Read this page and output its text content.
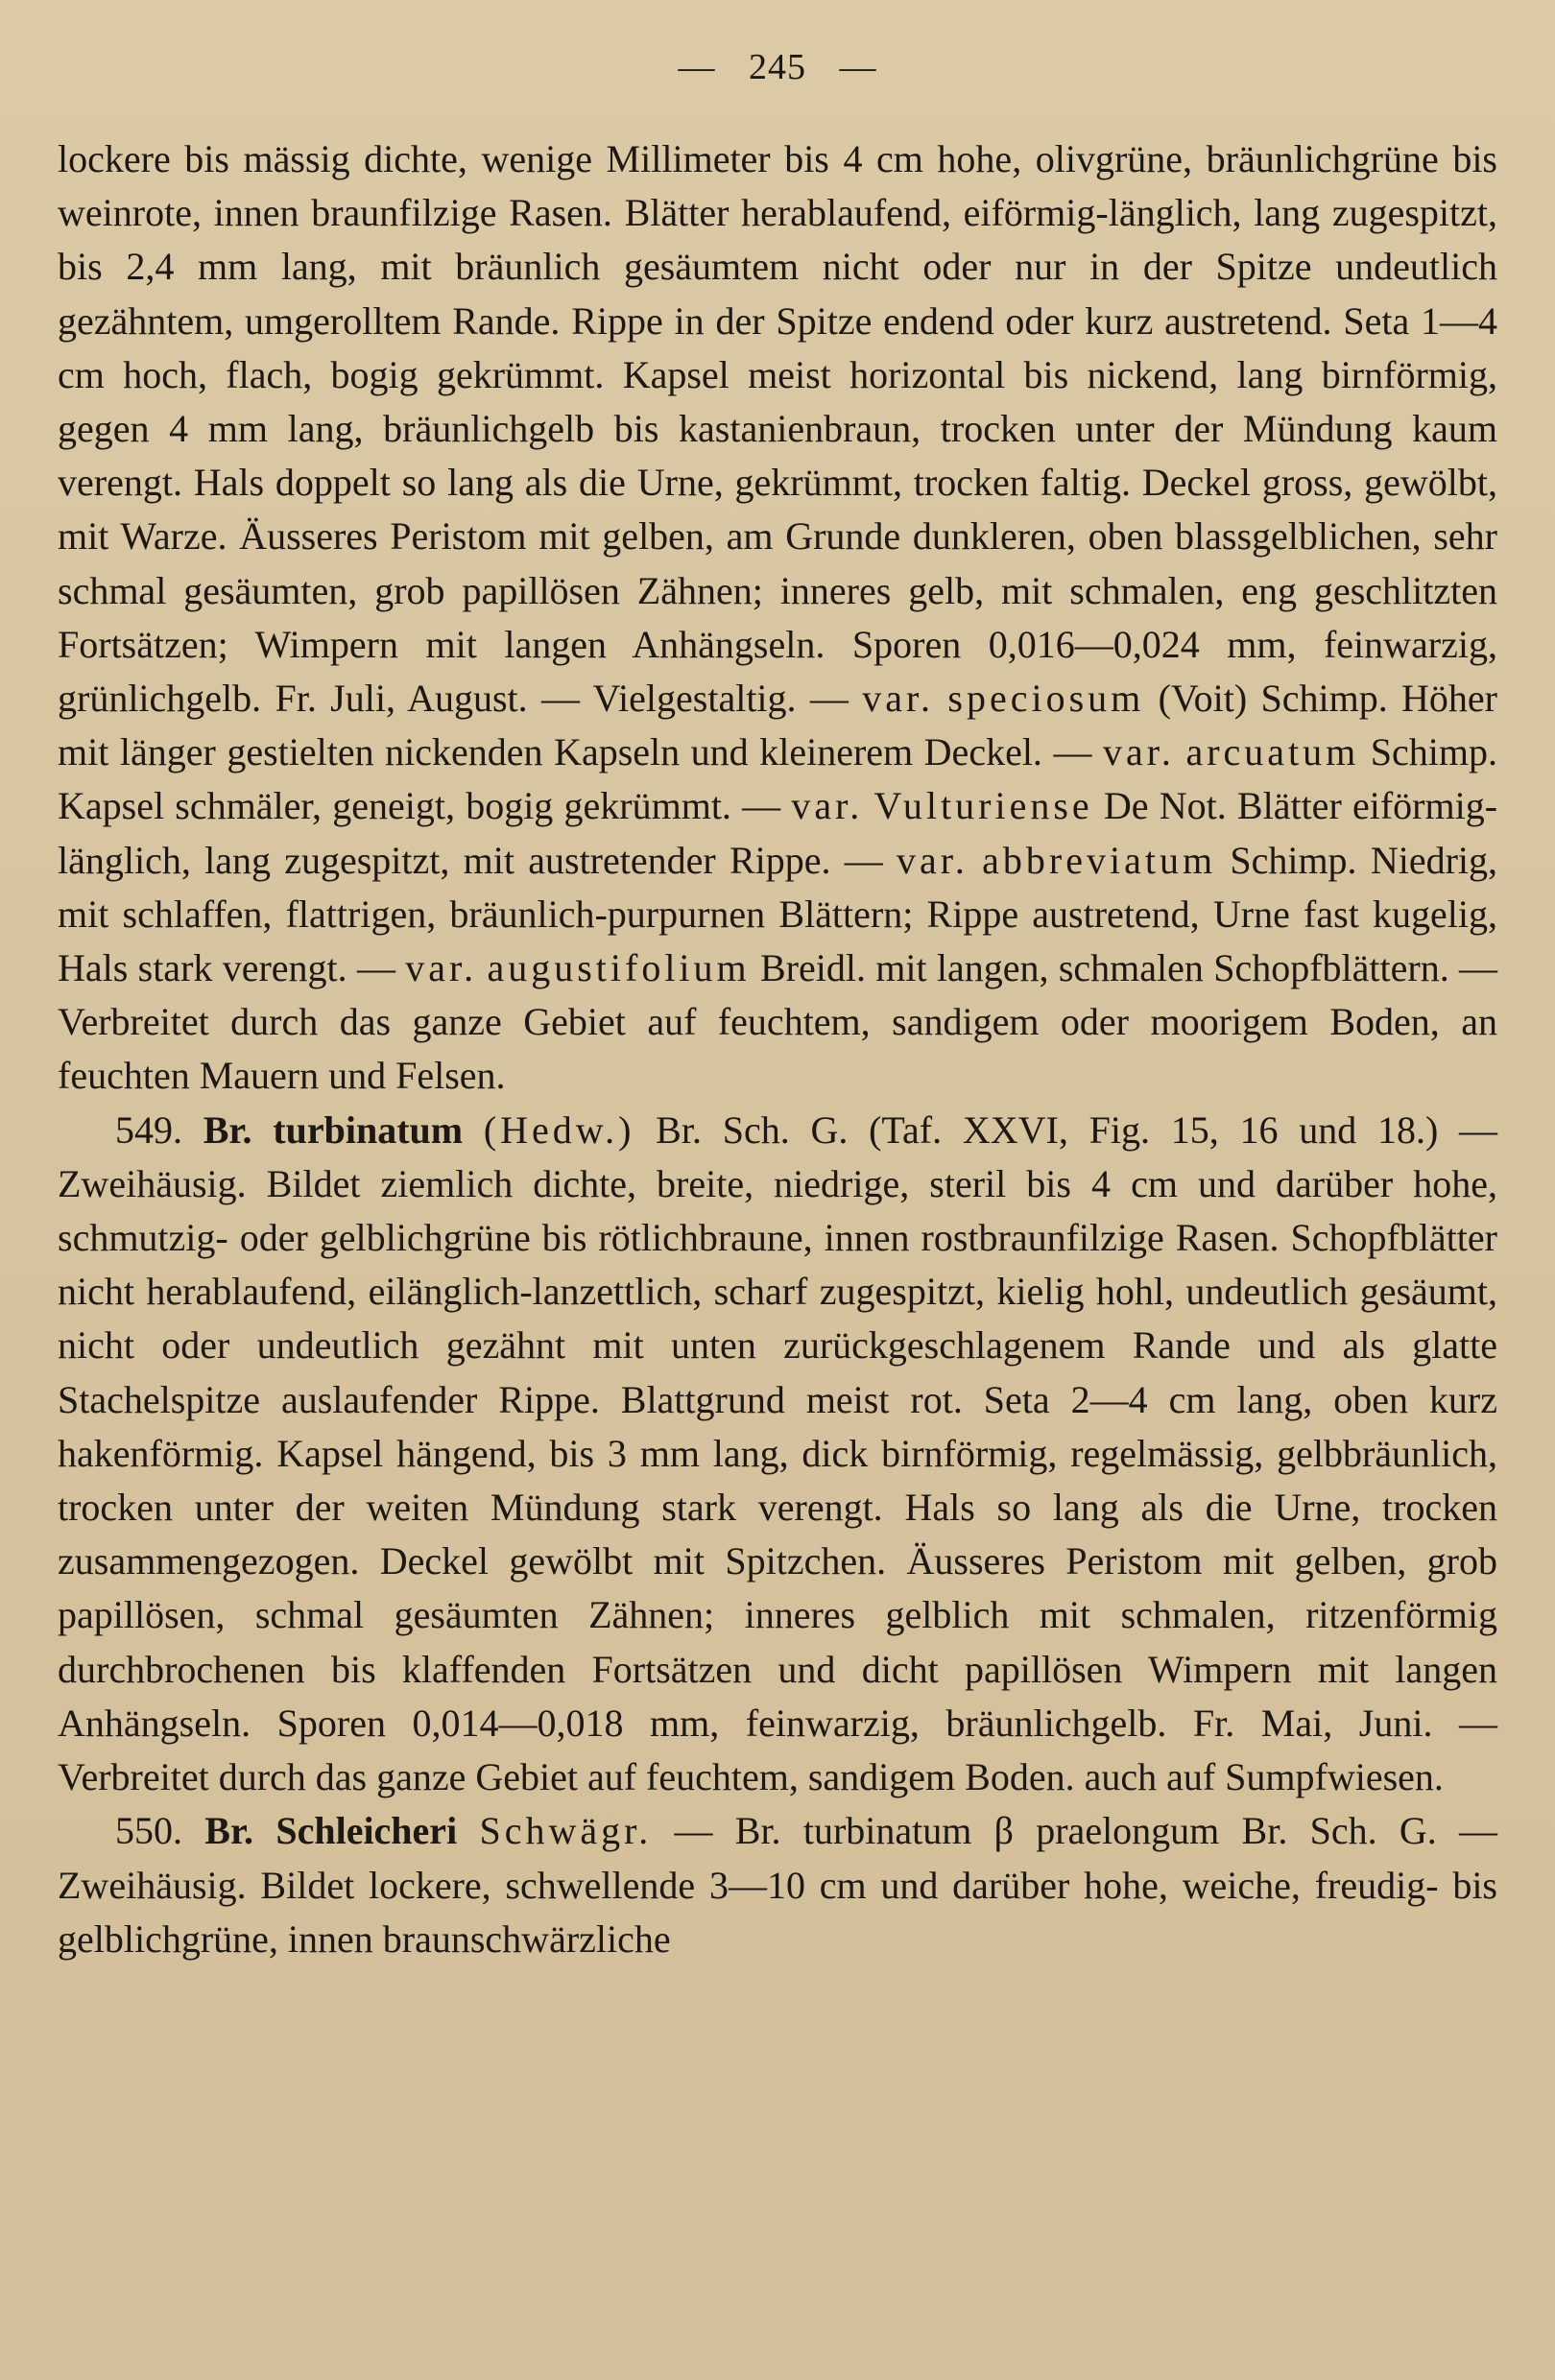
— 245 —

lockere bis mässig dichte, wenige Millimeter bis 4 cm hohe, olivgrüne, bräunlichgrüne bis weinrote, innen braunfilzige Rasen. Blätter herablaufend, eiförmig-länglich, lang zugespitzt, bis 2,4 mm lang, mit bräunlich gesäumtem nicht oder nur in der Spitze undeutlich gezähntem, umgerolltem Rande. Rippe in der Spitze endend oder kurz austretend. Seta 1—4 cm hoch, flach, bogig gekrümmt. Kapsel meist horizontal bis nickend, lang birnförmig, gegen 4 mm lang, bräunlichgelb bis kastanienbraun, trocken unter der Mündung kaum verengt. Hals doppelt so lang als die Urne, gekrümmt, trocken faltig. Deckel gross, gewölbt, mit Warze. Äusseres Peristom mit gelben, am Grunde dunkleren, oben blassgelblichen, sehr schmal gesäumten, grob papillösen Zähnen; inneres gelb, mit schmalen, eng geschlitzten Fortsätzen; Wimpern mit langen Anhängseln. Sporen 0,016—0,024 mm, feinwarzig, grünlichgelb. Fr. Juli, August. — Vielgestaltig. — var. speciosum (Voit) Schimp. Höher mit länger gestielten nickenden Kapseln und kleinerem Deckel. — var. arcuatum Schimp. Kapsel schmäler, geneigt, bogig gekrümmt. — var. Vulturiense De Not. Blätter eiförmig-länglich, lang zugespitzt, mit austretender Rippe. — var. abbreviatum Schimp. Niedrig, mit schlaffen, flattrigen, bräunlich-purpurnen Blättern; Rippe austretend, Urne fast kugelig, Hals stark verengt. — var. augustifolium Breidl. mit langen, schmalen Schopfblättern. — Verbreitet durch das ganze Gebiet auf feuchtem, sandigem oder moorigem Boden, an feuchten Mauern und Felsen.

549. Br. turbinatum (Hedw.) Br. Sch. G. (Taf. XXVI, Fig. 15, 16 und 18.) — Zweihäusig. Bildet ziemlich dichte, breite, niedrige, steril bis 4 cm und darüber hohe, schmutzig- oder gelblichgrüne bis rötlichbraune, innen rostbraunfilzige Rasen. Schopfblätter nicht herablaufend, eilänglich-lanzettlich, scharf zugespitzt, kielig hohl, undeutlich gesäumt, nicht oder undeutlich gezähnt mit unten zurückgeschlagenem Rande und als glatte Stachelspitze auslaufender Rippe. Blattgrund meist rot. Seta 2—4 cm lang, oben kurz hakenförmig. Kapsel hängend, bis 3 mm lang, dick birnförmig, regelmässig, gelbbräunlich, trocken unter der weiten Mündung stark verengt. Hals so lang als die Urne, trocken zusammengezogen. Deckel gewölbt mit Spitzchen. Äusseres Peristom mit gelben, grob papillösen, schmal gesäumten Zähnen; inneres gelblich mit schmalen, ritzenförmig durchbrochenen bis klaffenden Fortsätzen und dicht papillösen Wimpern mit langen Anhängseln. Sporen 0,014—0,018 mm, feinwarzig, bräunlichgelb. Fr. Mai, Juni. — Verbreitet durch das ganze Gebiet auf feuchtem, sandigem Boden. auch auf Sumpfwiesen.

550. Br. Schleicheri Schwägr. — Br. turbinatum β praelongum Br. Sch. G. — Zweihäusig. Bildet lockere, schwellende 3—10 cm und darüber hohe, weiche, freudig- bis gelblichgrüne, innen braunschwärzliche
